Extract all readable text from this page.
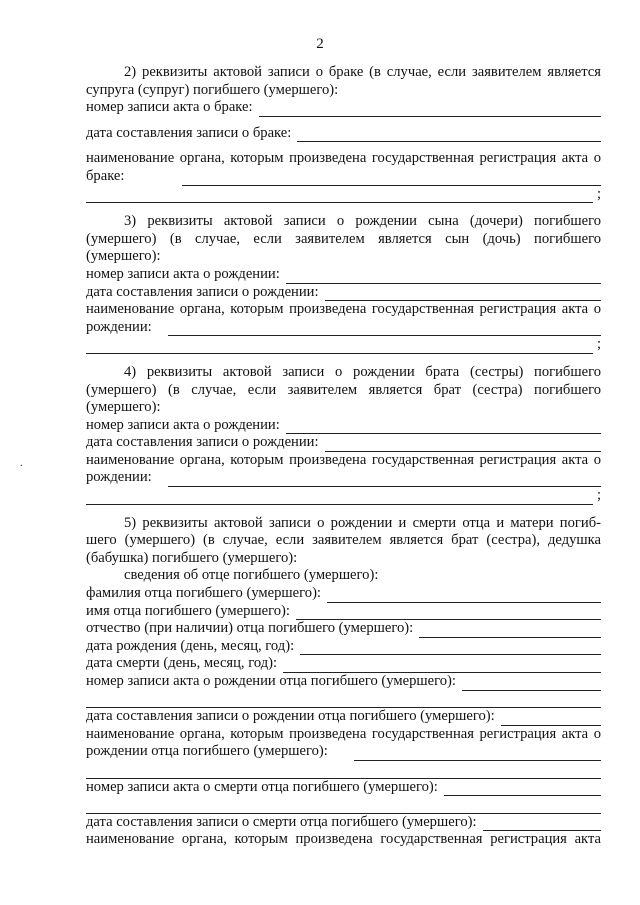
2
.
2) реквизиты актовой записи о браке (в случае, если заявителем является супруга (супруг) погибшего (умершего):
номер записи акта о браке:
дата составления записи о браке:
наименование органа, которым произведена государственная регистрация акта о браке:
;
3) реквизиты актовой записи о рождении сына (дочери) погибшего (умершего) (в случае, если заявителем является сын (дочь) погибшего (умершего):
номер записи акта о рождении:
дата составления записи о рождении:
наименование органа, которым произведена государственная регистрация акта о рождении:
;
4) реквизиты актовой записи о рождении брата (сестры) погибшего (умершего) (в случае, если заявителем является брат (сестра) погибшего (умершего):
номер записи акта о рождении:
дата составления записи о рождении:
наименование органа, которым произведена государственная регистрация акта о рождении:
;
5) реквизиты актовой записи о рождении и смерти отца и матери погиб-шего (умершего) (в случае, если заявителем является брат (сестра), дедушка (бабушка) погибшего (умершего):
сведения об отце погибшего (умершего):
фамилия отца погибшего (умершего):
имя отца погибшего (умершего):
отчество (при наличии) отца погибшего (умершего):
дата рождения (день, месяц, год):
дата смерти (день, месяц, год):
номер записи акта о рождении отца погибшего (умершего):
дата составления записи о рождении отца погибшего (умершего):
наименование органа, которым произведена государственная регистрация акта о рождении отца погибшего (умершего):
номер записи акта о смерти отца погибшего (умершего):
дата составления записи о смерти отца погибшего (умершего):
наименование органа, которым произведена государственная регистрация акта
